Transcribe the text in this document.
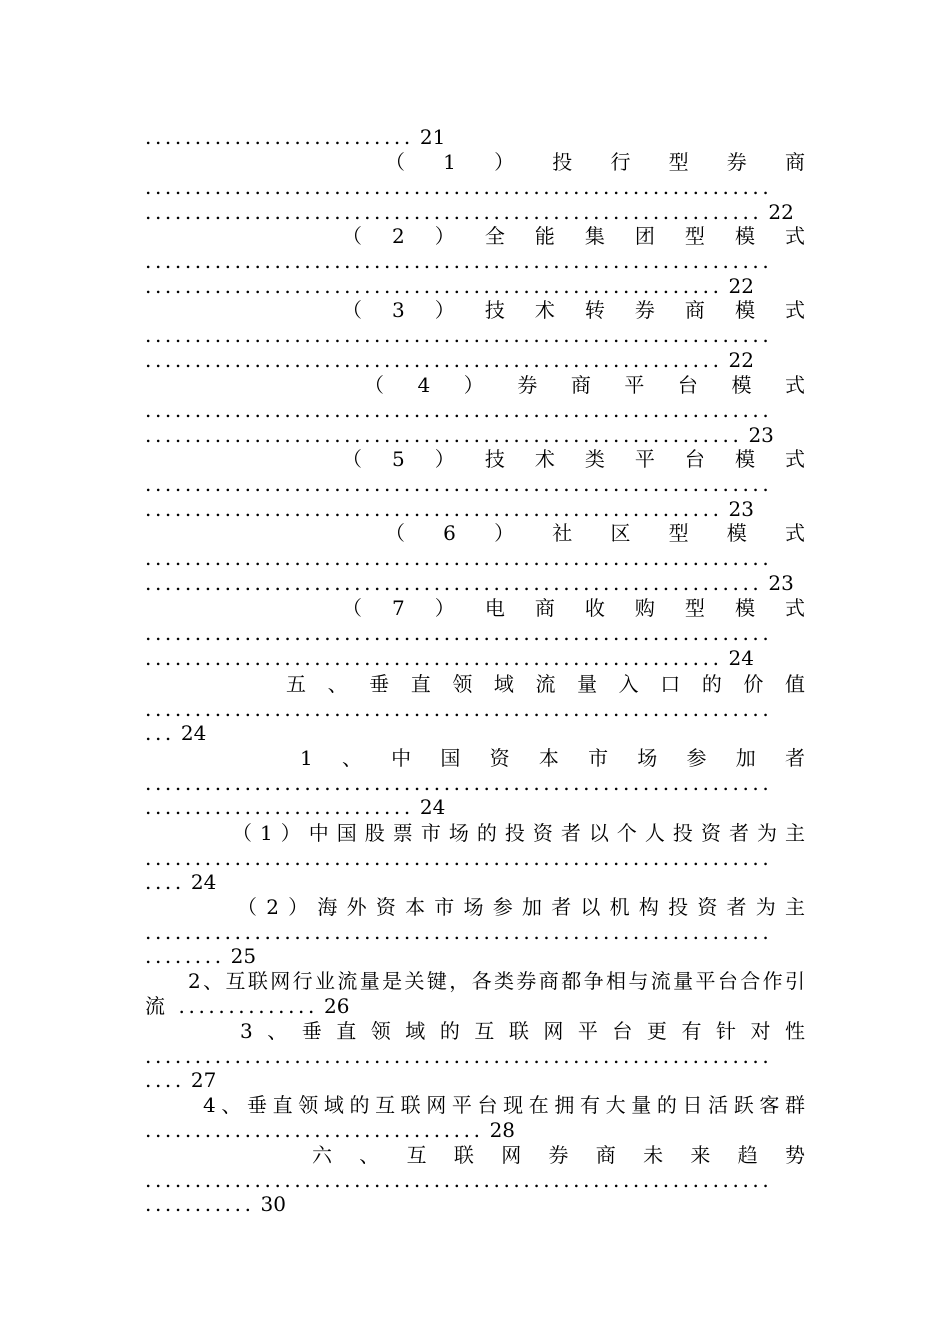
........................... 21
（1）投行型券商
...............................................................
.............................................................. 22
（2）全能集团型模式
...............................................................
.......................................................... 22
（3）技术转券商模式
...............................................................
.......................................................... 22
（4）券商平台模式
...............................................................
............................................................ 23
（5）技术类平台模式
...............................................................
.......................................................... 23
（6）社区型模式
...............................................................
.............................................................. 23
（7）电商收购型模式
...............................................................
.......................................................... 24
五、垂直领域流量入口的价值
...............................................................
... 24
1、中国资本市场参加者
...............................................................
........................... 24
（1）中国股票市场的投资者以个人投资者为主
...............................................................
.... 24
（2）海外资本市场参加者以机构投资者为主
...............................................................
........ 25
2、互联网行业流量是关键，各类券商都争相与流量平台合作引
流 .............. 26
3、垂直领域的互联网平台更有针对性
...............................................................
.... 27
4、垂直领域的互联网平台现在拥有大量的日活跃客群
.................................. 28
六、互联网券商未来趋势
...............................................................
........... 30
